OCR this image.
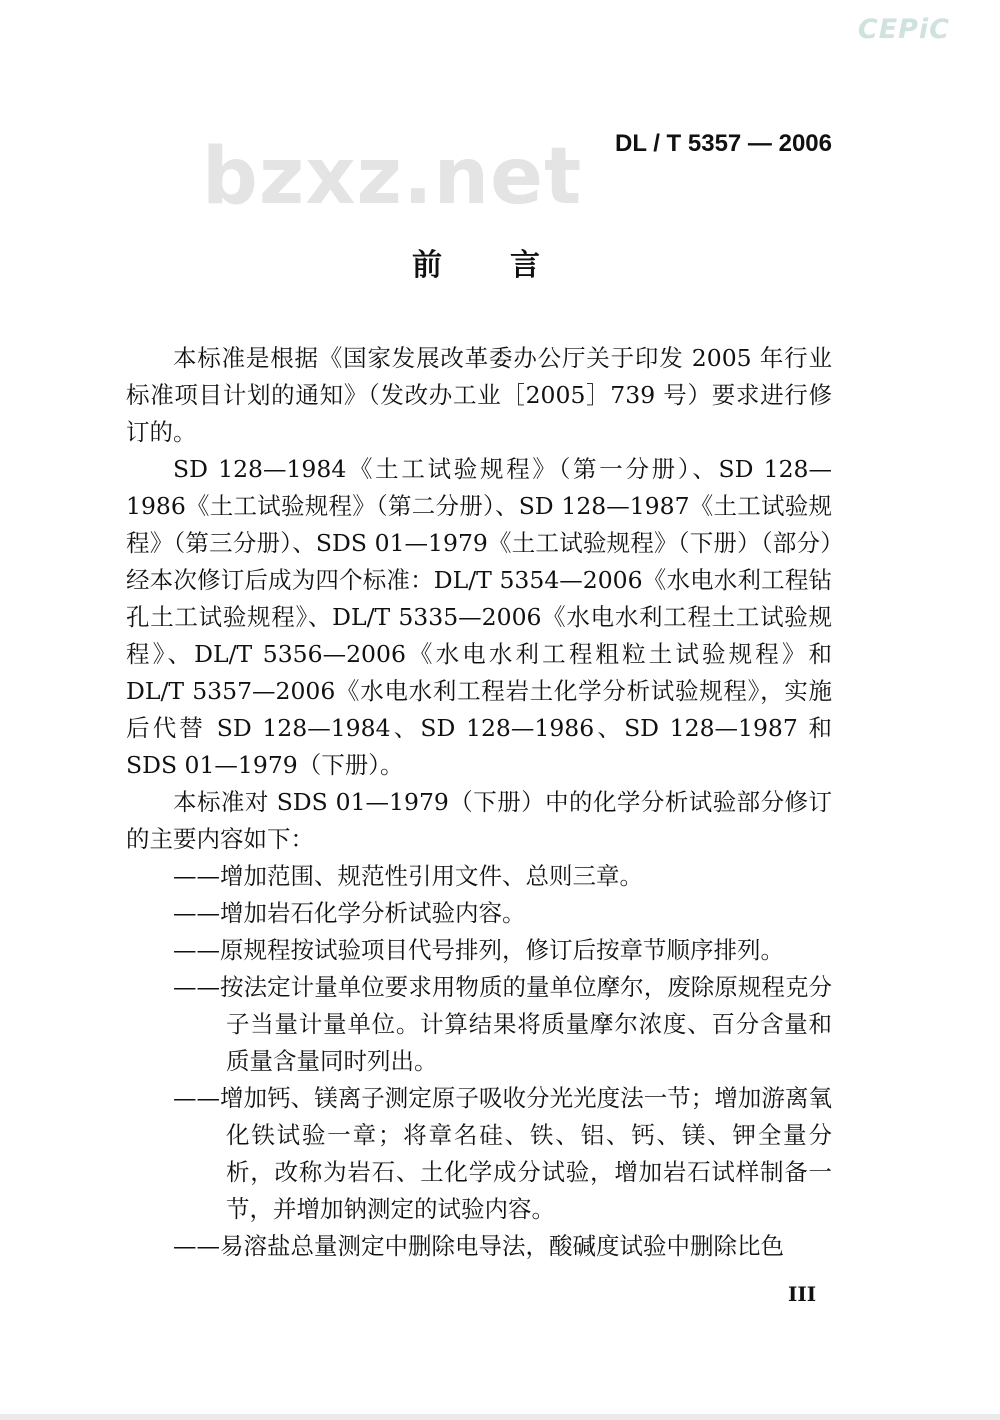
CEPiC
bzxz.net DL / T 5357 — 2006
前言

本标准是根据《国家发展改革委办公厅关于印发 2005 年行业标准项目计划的通知》（发改办工业［2005］739 号）要求进行修订的。

SD 128—1984《土工试验规程》（第一分册）、SD 128—1986《土工试验规程》（第二分册）、SD 128—1987《土工试验规程》（第三分册）、SDS 01—1979《土工试验规程》（下册）（部分）经本次修订后成为四个标准：DL/T 5354—2006《水电水利工程钻孔土工试验规程》、DL/T 5335—2006《水电水利工程土工试验规程》、DL/T 5356—2006《水电水利工程粗粒土试验规程》和 DL/T 5357—2006《水电水利工程岩土化学分析试验规程》，实施后代替 SD 128—1984、SD 128—1986、SD 128—1987 和 SDS 01—1979（下册）。

本标准对 SDS 01—1979（下册）中的化学分析试验部分修订的主要内容如下：

——增加范围、规范性引用文件、总则三章。

——增加岩石化学分析试验内容。

——原规程按试验项目代号排列，修订后按章节顺序排列。

——按法定计量单位要求用物质的量单位摩尔，废除原规程克分子当量计量单位。计算结果将质量摩尔浓度、百分含量和质量含量同时列出。

——增加钙、镁离子测定原子吸收分光光度法一节；增加游离氧化铁试验一章；将章名硅、铁、铝、钙、镁、钾全量分析，改称为岩石、土化学成分试验，增加岩石试样制备一节，并增加钠测定的试验内容。

——易溶盐总量测定中删除电导法，酸碱度试验中删除比色

III
